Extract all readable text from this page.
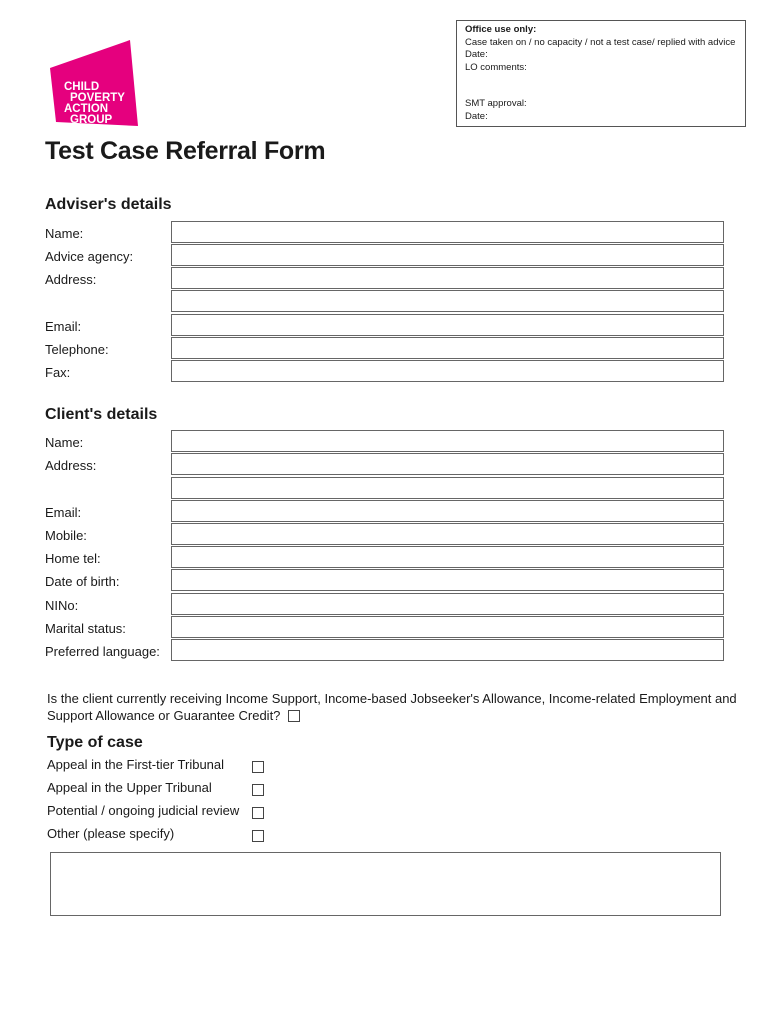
CHILD
POVERTY
ACTION
GROUP
Office use only:
Case taken on / no capacity / not a test case/ replied with advice
Date:
LO comments:
SMT approval:
Date:
Test Case Referral Form
Adviser's details
Name:
Advice agency:
Address:
Email:
Telephone:
Fax:
Client's details
Name:
Address:
Email:
Mobile:
Home tel:
Date of birth:
NINo:
Marital status:
Preferred language:
Is the client currently receiving Income Support, Income-based Jobseeker's Allowance, Income-related Employment and Support Allowance or Guarantee Credit?
Type of case
Appeal in the First-tier Tribunal
Appeal in the Upper Tribunal
Potential / ongoing judicial review
Other (please specify)
